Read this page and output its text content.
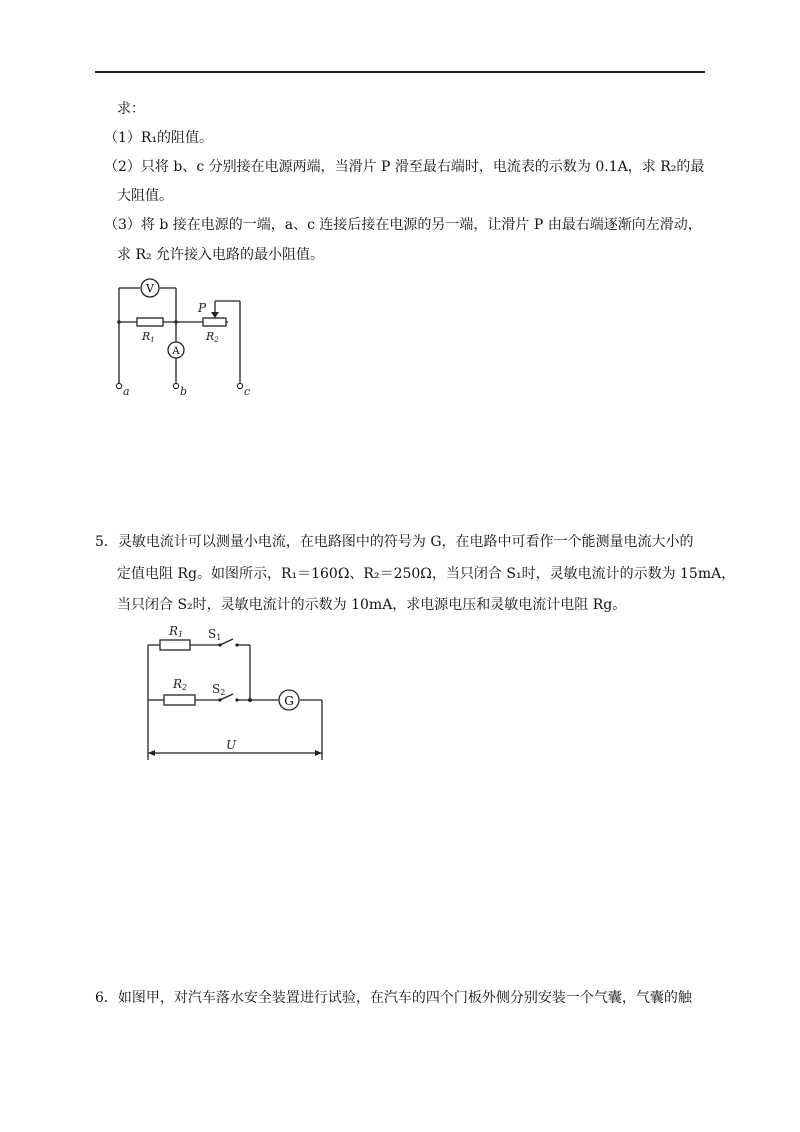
求：
（1）R₁的阻值。
（2）只将 b、c 分别接在电源两端，当滑片 P 滑至最右端时，电流表的示数为 0.1A，求 R₂的最
大阻值。
（3）将 b 接在电源的一端，a、c 连接后接在电源的另一端，让滑片 P 由最右端逐渐向左滑动，
求 R₂ 允许接入电路的最小阻值。
V
A
R1	R2
P
a	b	c
5．灵敏电流计可以测量小电流，在电路图中的符号为 G，在电路中可看作一个能测量电流大小的
定值电阻 Rg。如图所示，R₁＝160Ω、R₂＝250Ω，当只闭合 S₁时，灵敏电流计的示数为 15mA，
当只闭合 S₂时，灵敏电流计的示数为 10mA，求电源电压和灵敏电流计电阻 Rg。
G
R1 S1
R2 S2
U
6．如图甲，对汽车落水安全装置进行试验，在汽车的四个门板外侧分别安装一个气囊，气囊的触
